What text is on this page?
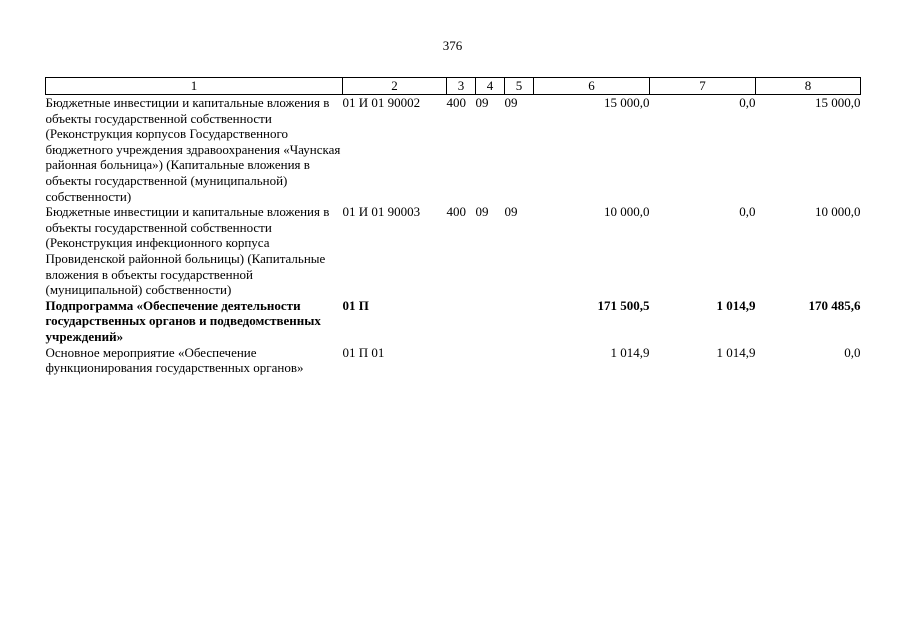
376
1	2	3	4	5	6	7	8
Бюджетные инвестиции и капитальные вложения в объекты государственной собственности (Реконструкция корпусов Государственного бюджетного учреждения здравоохранения «Чаунская районная больница») (Капитальные вложения в объекты государственной (муниципальной) собственности)	01 И 01 90002	400	09	09	15 000,0	0,0	15 000,0
Бюджетные инвестиции и капитальные вложения в объекты государственной собственности (Реконструкция инфекционного корпуса Провиденской районной больницы) (Капитальные вложения в объекты государственной (муниципальной) собственности)	01 И 01 90003	400	09	09	10 000,0	0,0	10 000,0

Подпрограмма «Обеспечение деятельности государственных органов и подведомственных учреждений»	01 П				171 500,5	1 014,9	170 485,6
Основное мероприятие «Обеспечение функционирования государственных органов»	01 П 01				1 014,9	1 014,9	0,0
